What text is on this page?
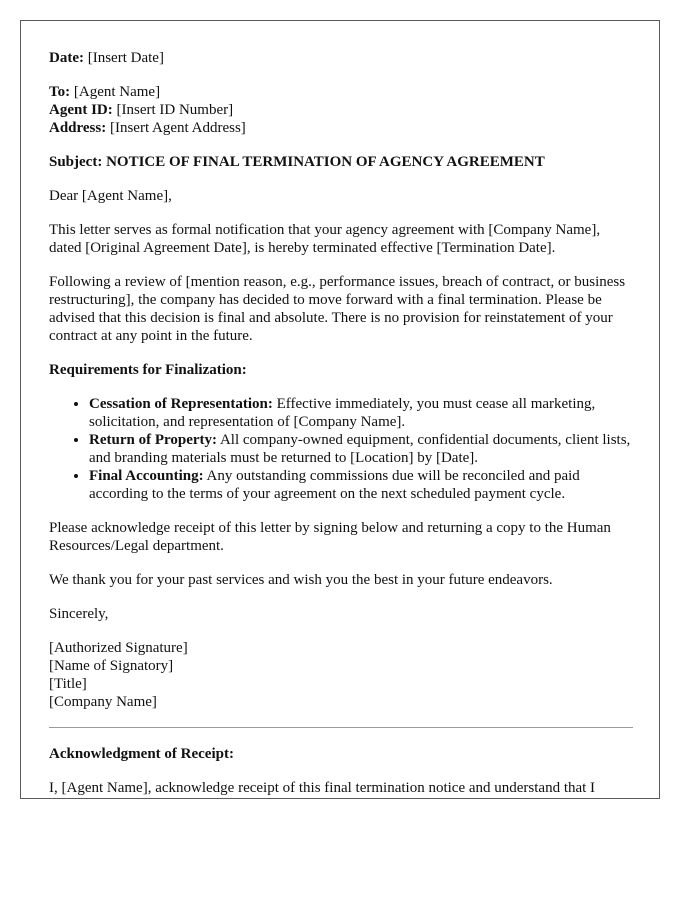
Date: [Insert Date]

To: [Agent Name]
Agent ID: [Insert ID Number]
Address: [Insert Agent Address]

Subject: NOTICE OF FINAL TERMINATION OF AGENCY AGREEMENT

Dear [Agent Name],

This letter serves as formal notification that your agency agreement with [Company Name], dated [Original Agreement Date], is hereby terminated effective [Termination Date].

Following a review of [mention reason, e.g., performance issues, breach of contract, or business restructuring], the company has decided to move forward with a final termination. Please be advised that this decision is final and absolute. There is no provision for reinstatement of your contract at any point in the future.

Requirements for Finalization:

• Cessation of Representation: Effective immediately, you must cease all marketing, solicitation, and representation of [Company Name].
• Return of Property: All company-owned equipment, confidential documents, client lists, and branding materials must be returned to [Location] by [Date].
• Final Accounting: Any outstanding commissions due will be reconciled and paid according to the terms of your agreement on the next scheduled payment cycle.

Please acknowledge receipt of this letter by signing below and returning a copy to the Human Resources/Legal department.

We thank you for your past services and wish you the best in your future endeavors.

Sincerely,

[Authorized Signature]
[Name of Signatory]
[Title]
[Company Name]

Acknowledgment of Receipt:

I, [Agent Name], acknowledge receipt of this final termination notice and understand that I
